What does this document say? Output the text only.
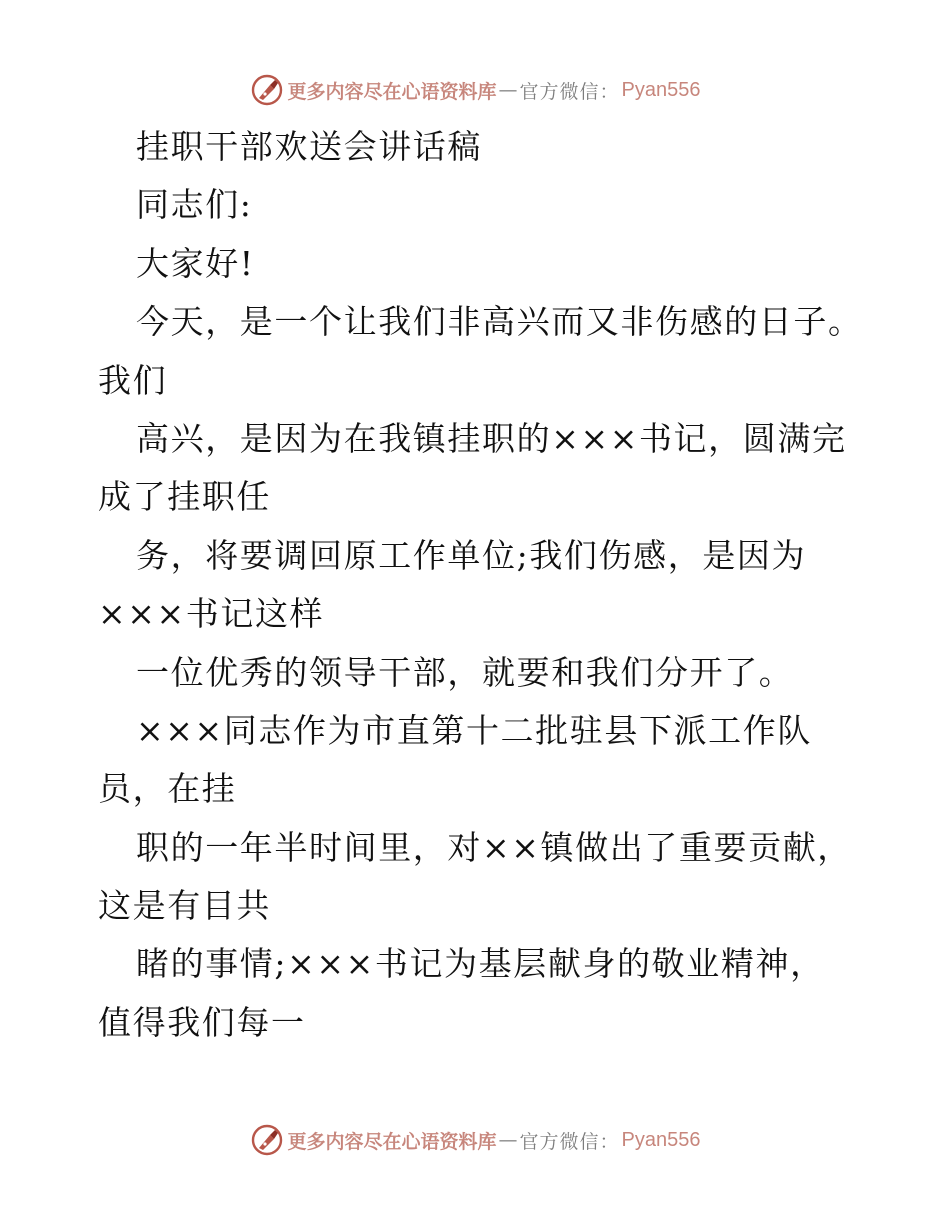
更多内容尽在心语资料库 — 官方微信： Pyan556
挂职干部欢送会讲话稿
同志们:
大家好!
今天，是一个让我们非高兴而又非伤感的日子。
我们
高兴，是因为在我镇挂职的×××书记，圆满完
成了挂职任
务，将要调回原工作单位;我们伤感，是因为
×××书记这样
一位优秀的领导干部，就要和我们分开了。
×××同志作为市直第十二批驻县下派工作队
员，在挂
职的一年半时间里，对××镇做出了重要贡献，
这是有目共
睹的事情;×××书记为基层献身的敬业精神，
值得我们每一
更多内容尽在心语资料库 — 官方微信： Pyan556
